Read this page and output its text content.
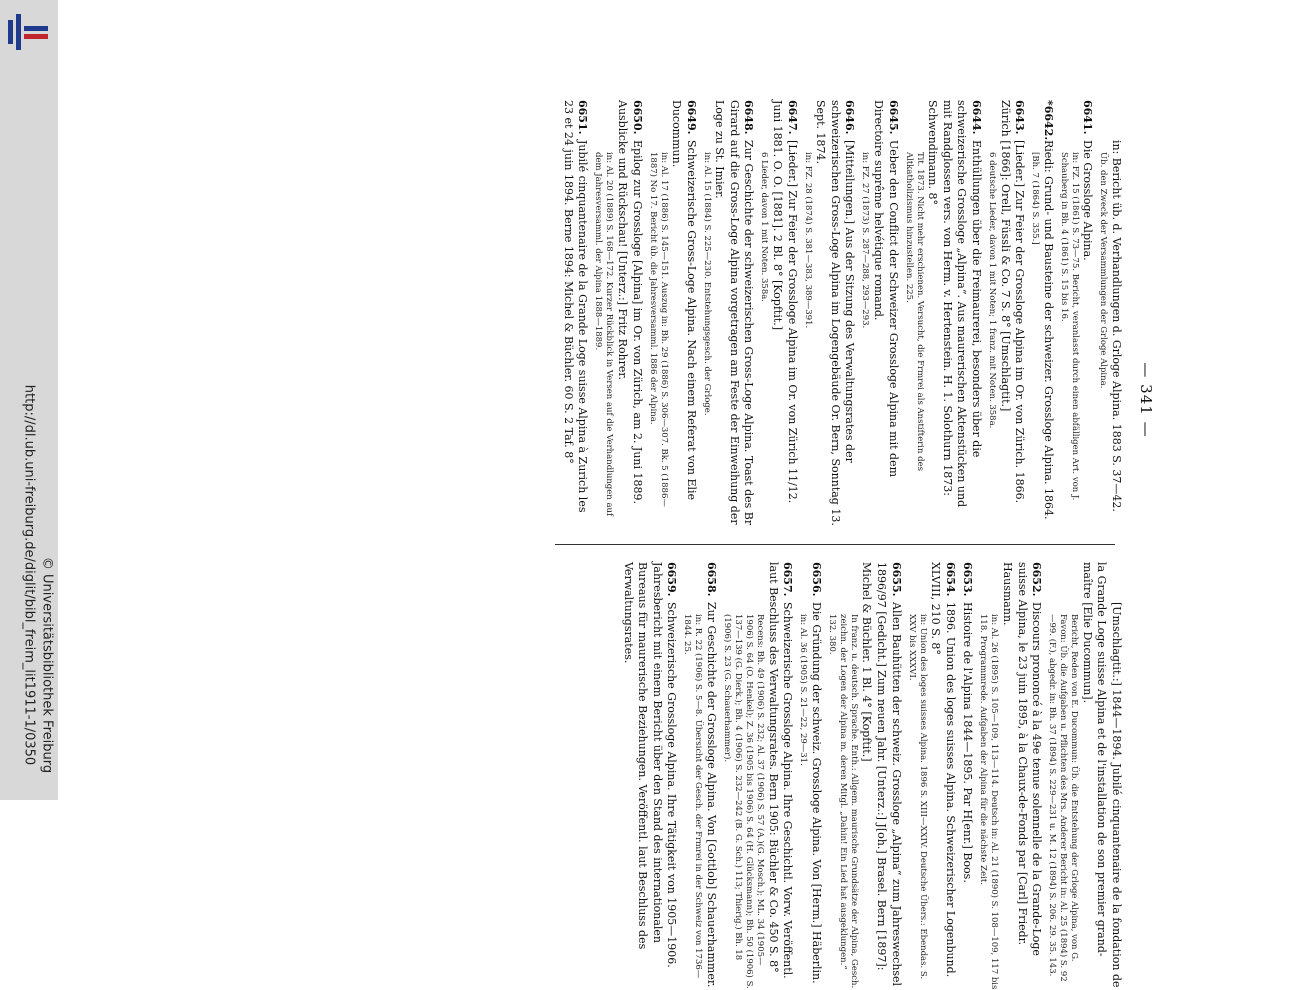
http://dl.ub.uni-freiburg.de/diglit/bibl_freim_lit1911-1/0350 © Universitätsbibliothek Freiburg
— 341 —
in: Bericht üb. d. Verhandlungen d. Grloge Alpina. 1883 S. 37—42.
Üb. den Zweck der Versammlungen der Grloge Alpina.
6641.Die Grossloge Alpina.
in: FZ. 15 (1861) S. 73—75. Bericht, veranlasst durch einen abfälligen Art. von J. Schauberg in Bh. 4 (1861) S. 15 bis 16.
*6642.Riedi: Grund- und Bausteine der schweizer. Grossloge Alpina. 1864.
[Bh. 7 (1864) S. 355.]
6643.[Lieder.] Zur Feier der Grossloge Alpina im Or. von Zürich. 1866. Zürich [1866]: Orell, Füssli & Co. 7 S. 8° [Umschlagtit.]
6 deutsche Lieder, davon 1 mit Noten; 1 franz. mit Noten. 358a.
6644.Enthüllungen über die Freimaurerei, besonders über die schweizerische Grossloge „Alpina“. Aus maurerischen Aktenstücken und mit Randglossen vers. von Herm. v. Hertenstein. H. 1. Solothurn 1873: Schwendimann. 8°
Tit. 1873. Nicht mehr erschienen. Versucht, die Frmrei als Anstifterin des Altkatholizismus hinzustellen. 225.
6645.Ueber den Conflict der Schweizer Grossloge Alpina mit dem Directoire suprême helvétique romand.
in: FZ. 27 (1873) S. 287—288, 293—293.
6646.[Mitteilungen.] Aus der Sitzung des Verwaltungsrates der schweizerischen Gross-Loge Alpina im Logengebäude Or. Bern, Sonntag 13. Sept. 1874.
in: FZ. 28 (1874) S. 381—383, 389—391.
6647.[Lieder.] Zur Feier der Grossloge Alpina im Or. von Zürich 11/12. Juni 1881. O. O. [1881]. 2 Bl. 8° [Kopftit.]
6 Lieder, davon 1 mit Noten. 358a.
6648.Zur Geschichte der schweizerischen Gross-Loge Alpina. Toast des Br Girard auf die Gross-Loge Alpina vorgetragen am Feste der Einweihung der Loge zu St. Imier.
in: Al. 15 (1884) S. 225—230. Entstehungsgesch. der Grloge.
6649.Schweizerische Gross-Loge Alpina. Nach einem Referat von Elie Ducommun.
in: Al. 17 (1886) S. 145—151. Auszug in: Bh. 29 (1886) S. 306—307. Bk. 5 (1886—1887) No 17. Bericht üb. die Jahresversamml. 1886 der Alpina.
6650.Epilog zur Grossloge [Alpina] im Or. von Zürich, am 2. Juni 1889. Ausblicke und Rückschau! [Unterz.:] Fritz Rohrer.
in: Al. 20 (1889) S. 168—172. Kurzer Rückblick in Versen auf die Verhandlungen auf dem Jahresversamml. der Alpina 1888—1889.
6651.Jubilé cinquantenaire de la Grande Loge suisse Alpina à Zurich les 23 et 24 juin 1894. Berne 1894: Michel & Büchler. 60 S. 2 Taf. 8°
[Umschlagtit.:] 1844—1894. Jubilé cinquantenaire de la fondation de la Grande Loge suisse Alpina et de l'installation de son premier grand-maître [Elie Ducommun].
Bericht, Reden von E. Ducommun: Üb. die Entstehung der Grloge Alpina, von G. Favon: Üb. die Aufgaben u. Pflichten des Mrs. Anderer Bericht in: Al. 25 (1894) S. 92—99. (F.), abgedr. in: Bh. 37 (1894) S. 229—231 u. M. 12 (1894) S. 206. 29. 35. 143.
6652.Discours prononcé à la 49e tenue solennelle de la Grande-Loge suisse Alpina, le 23 juin 1895, à la Chaux-de-Fonds par [Carl] Friedr. Hausmann.
in: Al. 26 (1895) S. 105—109, 113—114. Deutsch in: Al. 21 (1890) S. 108—109, 117 bis 118. Programmrede. Aufgaben der Alpina für die nächste Zeit.
6653.Histoire de l'Alpina 1844—1895. Par H[enr.] Boos.
6654.1896. Union des loges suisses Alpina. Schweizerischer Logenbund. XLVIII, 210 S. 8°
in: Union des loges suisses Alpina. 1896 S. XIII—XXIV. Deutsche Übers.: Ebendas. S. XXV bis XXXVI.
6655.Allen Bauhütten der schweiz. Grossloge „Alpina“ zum Jahreswechsel 1896/97 [Gedicht.] Zum neuen Jahr. [Unterz.:] J[oh.] Brasel. Bern [1897]: Michel & Büchler. 1 Bl. 4° [Kopftit.]
In franz. u. deutsch. Sprache. Enth.: Allgem. maurische Grundsätze der Alpina, Gesch. zeichn. der Logen der Alpina m. deren Mitgl. „Dahin! Ein Lied hat ausgeklungen.“ 132. 380.
6656.Die Gründung der schweiz. Grossloge Alpina. Von [Herm.] Häberlin.
in: Al. 36 (1905) S. 21—22, 29—31.
6657.Schweizerische Grossloge Alpina. Ihre Geschichtl. Vorw. Veröffentl. laut Beschluss des Verwaltungsrates. Bern 1905: Büchler & Co. 450 S. 8°
Recens: Bh. 49 (1906) S. 232; Al. 37 (1906) S. 57 (A.)(G. Mosch.); ML. 34 (1905—1906) S. 64 (O. Henkel); Z. 36 (1905 bis 1906) S. 64 (H. Glücksmann); Bh. 50 (1906) S. 137—139 (G. Dierk.); Bh. 4 (1906) S. 232—242 (B. G. Sch.) 113; Thierig.) Bh. 18 (1906) S. 23 (G. Schauerhammer).
6658.Zur Geschichte der Grossloge Alpina. Von [Gottlob] Schauerhammer.
in: R. 22 (1906) S. 5—8. Übersicht der Gesch. der Frmrei in der Schweiz von 1736—1844. 25.
6659.Schweizerische Grossloge Alpina. Ihre Tätigkeit von 1905—1906. Jahresbericht mit einem Bericht über den Stand des internationalen Bureaus für maurerische Beziehungen. Veröffentl. laut Beschluss des Verwaltungsrates.
